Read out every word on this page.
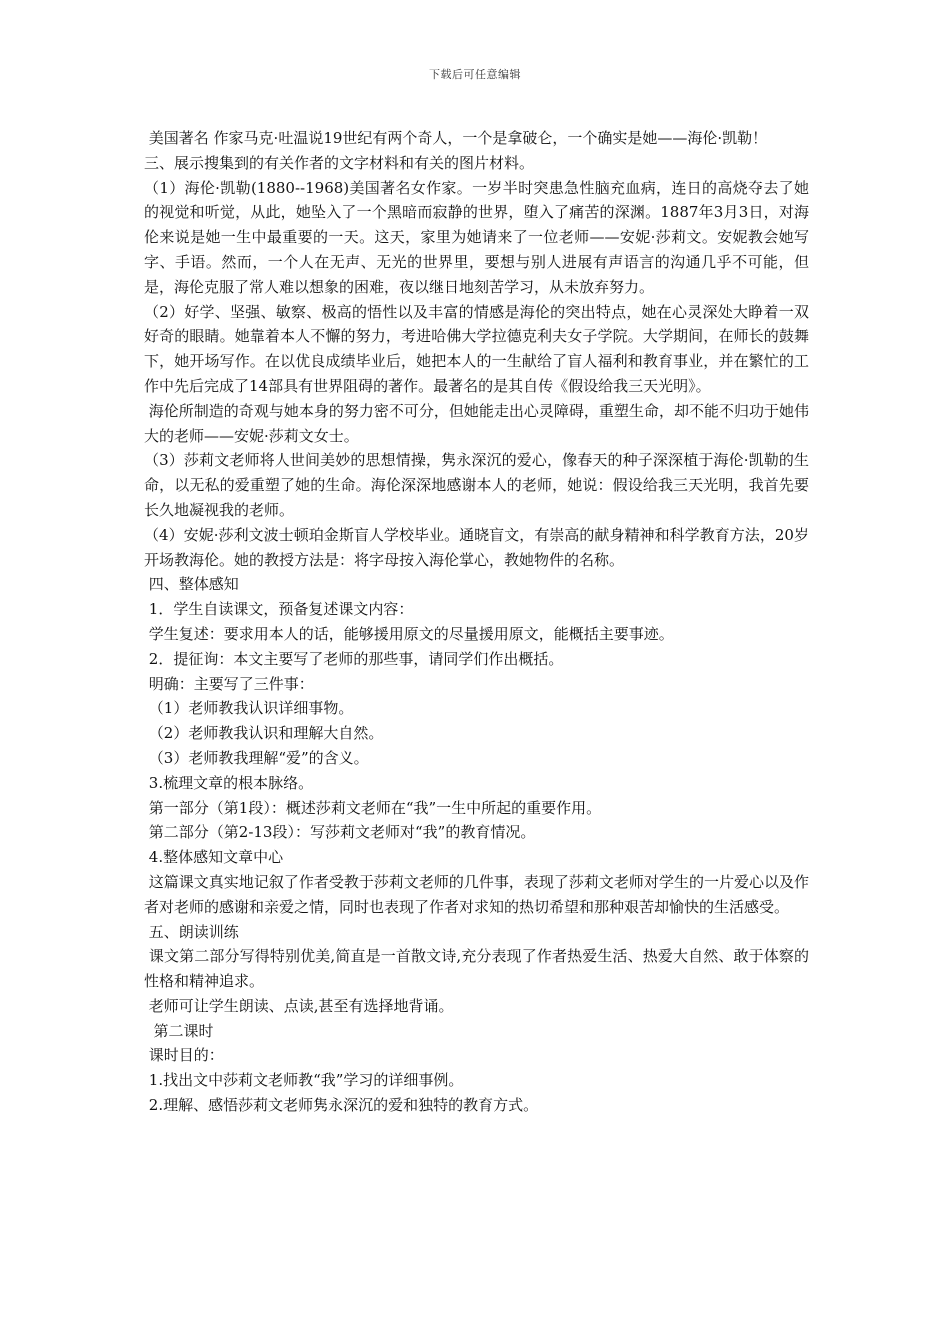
下载后可任意编辑

美国著名 作家马克·吐温说19世纪有两个奇人，一个是拿破仑，一个确实是她——海伦·凯勒！

三、展示搜集到的有关作者的文字材料和有关的图片材料。

（1）海伦·凯勒(1880--1968)美国著名女作家。一岁半时突患急性脑充血病，连日的高烧夺去了她的视觉和听觉，从此，她坠入了一个黑暗而寂静的世界，堕入了痛苦的深渊。1887年3月3日，对海伦来说是她一生中最重要的一天。这天，家里为她请来了一位老师——安妮·莎莉文。安妮教会她写字、手语。然而，一个人在无声、无光的世界里，要想与别人进展有声语言的沟通几乎不可能，但是，海伦克服了常人难以想象的困难，夜以继日地刻苦学习，从未放弃努力。

（2）好学、坚强、敏察、极高的悟性以及丰富的情感是海伦的突出特点，她在心灵深处大睁着一双好奇的眼睛。她靠着本人不懈的努力，考进哈佛大学拉德克利夫女子学院。大学期间，在师长的鼓舞下，她开场写作。在以优良成绩毕业后，她把本人的一生献给了盲人福利和教育事业，并在繁忙的工作中先后完成了14部具有世界阻碍的著作。最著名的是其自传《假设给我三天光明》。

海伦所制造的奇观与她本身的努力密不可分，但她能走出心灵障碍，重塑生命，却不能不归功于她伟大的老师——安妮·莎莉文女士。

（3）莎莉文老师将人世间美妙的思想情操，隽永深沉的爱心，像春天的种子深深植于海伦·凯勒的生命，以无私的爱重塑了她的生命。海伦深深地感谢本人的老师，她说：假设给我三天光明，我首先要长久地凝视我的老师。

（4）安妮·莎利文波士顿珀金斯盲人学校毕业。通晓盲文，有崇高的献身精神和科学教育方法，20岁开场教海伦。她的教授方法是：将字母按入海伦掌心，教她物件的名称。

四、整体感知

1．学生自读课文，预备复述课文内容：

学生复述：要求用本人的话，能够援用原文的尽量援用原文，能概括主要事迹。

2．提征询：本文主要写了老师的那些事，请同学们作出概括。

明确：主要写了三件事：

（1）老师教我认识详细事物。

（2）老师教我认识和理解大自然。

（3）老师教我理解“爱”的含义。

3.梳理文章的根本脉络。

第一部分（第1段）：概述莎莉文老师在“我”一生中所起的重要作用。

第二部分（第2-13段）：写莎莉文老师对“我”的教育情况。

4.整体感知文章中心

这篇课文真实地记叙了作者受教于莎莉文老师的几件事，表现了莎莉文老师对学生的一片爱心以及作者对老师的感谢和亲爱之情，同时也表现了作者对求知的热切希望和那种艰苦却愉快的生活感受。

五、朗读训练

课文第二部分写得特别优美,简直是一首散文诗,充分表现了作者热爱生活、热爱大自然、敢于体察的性格和精神追求。

老师可让学生朗读、点读,甚至有选择地背诵。

第二课时

课时目的：

1.找出文中莎莉文老师教“我”学习的详细事例。

2.理解、感悟莎莉文老师隽永深沉的爱和独特的教育方式。
